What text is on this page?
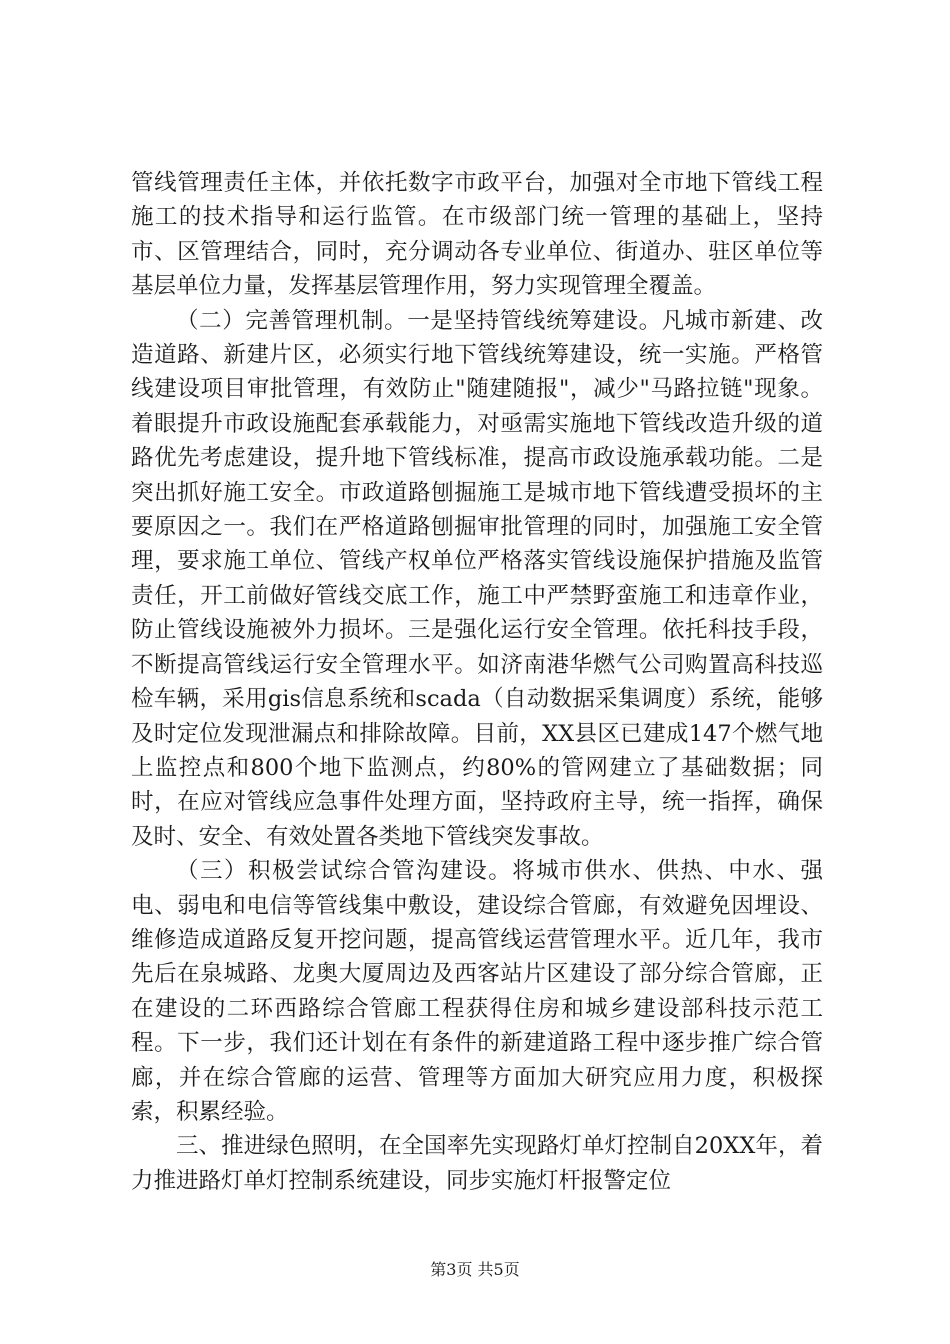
管线管理责任主体，并依托数字市政平台，加强对全市地下管线工程施工的技术指导和运行监管。在市级部门统一管理的基础上，坚持市、区管理结合，同时，充分调动各专业单位、街道办、驻区单位等基层单位力量，发挥基层管理作用，努力实现管理全覆盖。

（二）完善管理机制。一是坚持管线统筹建设。凡城市新建、改造道路、新建片区，必须实行地下管线统筹建设，统一实施。严格管线建设项目审批管理，有效防止"随建随报"，减少"马路拉链"现象。着眼提升市政设施配套承载能力，对亟需实施地下管线改造升级的道路优先考虑建设，提升地下管线标准，提高市政设施承载功能。二是突出抓好施工安全。市政道路刨掘施工是城市地下管线遭受损坏的主要原因之一。我们在严格道路刨掘审批管理的同时，加强施工安全管理，要求施工单位、管线产权单位严格落实管线设施保护措施及监管责任，开工前做好管线交底工作，施工中严禁野蛮施工和违章作业，防止管线设施被外力损坏。三是强化运行安全管理。依托科技手段，不断提高管线运行安全管理水平。如济南港华燃气公司购置高科技巡检车辆，采用gis信息系统和scada（自动数据采集调度）系统，能够及时定位发现泄漏点和排除故障。目前，XX县区已建成147个燃气地上监控点和800个地下监测点，约80%的管网建立了基础数据；同时，在应对管线应急事件处理方面，坚持政府主导，统一指挥，确保及时、安全、有效处置各类地下管线突发事故。

（三）积极尝试综合管沟建设。将城市供水、供热、中水、强电、弱电和电信等管线集中敷设，建设综合管廊，有效避免因埋设、维修造成道路反复开挖问题，提高管线运营管理水平。近几年，我市先后在泉城路、龙奥大厦周边及西客站片区建设了部分综合管廊，正在建设的二环西路综合管廊工程获得住房和城乡建设部科技示范工程。下一步，我们还计划在有条件的新建道路工程中逐步推广综合管廊，并在综合管廊的运营、管理等方面加大研究应用力度，积极探索，积累经验。

三、推进绿色照明，在全国率先实现路灯单灯控制自20XX年，着力推进路灯单灯控制系统建设，同步实施灯杆报警定位

第3页 共5页
